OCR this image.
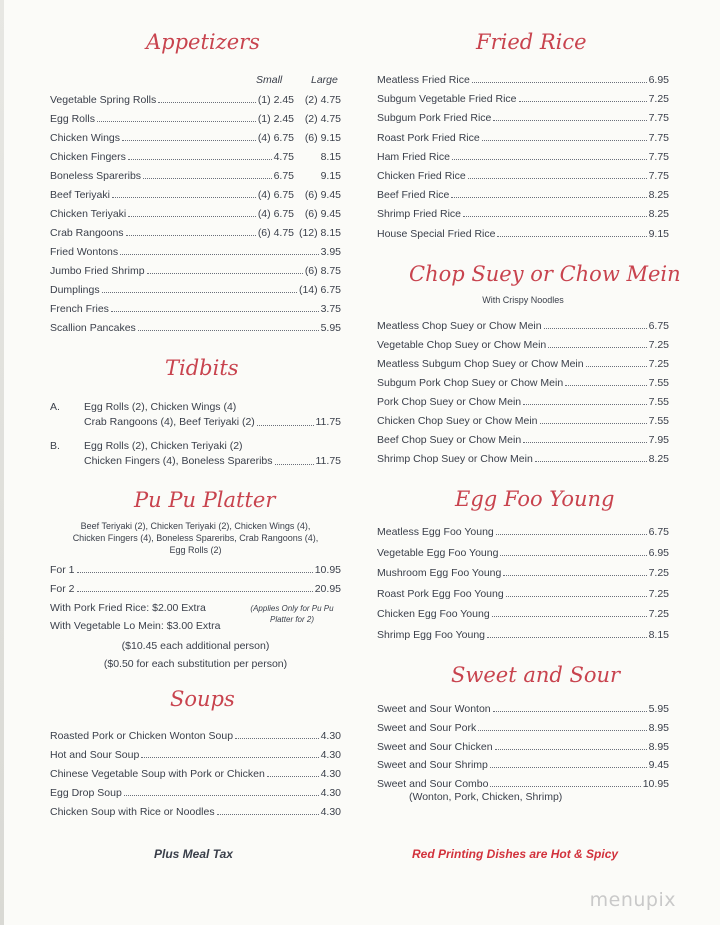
Appetizers
Small	Large
Vegetable Spring Rolls	(1) 2.45 (2) 4.75
Egg Rolls	(1) 2.45 (2) 4.75
Chicken Wings	(4) 6.75 (6) 9.15
Chicken Fingers	4.75	8.15
Boneless Spareribs	6.75	9.15
Beef Teriyaki	(4) 6.75 (6) 9.45
Chicken Teriyaki	(4) 6.75 (6) 9.45
Crab Rangoons	(6) 4.75 (12) 8.15
Fried Wontons	3.95
Jumbo Fried Shrimp	(6) 8.75
Dumplings	(14) 6.75
French Fries	3.75
Scallion Pancakes	5.95
Tidbits
A. Egg Rolls (2), Chicken Wings (4)
Crab Rangoons (4), Beef Teriyaki (2)	11.75
B. Egg Rolls (2), Chicken Teriyaki (2)
Chicken Fingers (4), Boneless Spareribs	11.75
Pu Pu Platter
Beef Teriyaki (2), Chicken Teriyaki (2), Chicken Wings (4),
Chicken Fingers (4), Boneless Spareribs, Crab Rangoons (4),
Egg Rolls (2)
For 1	10.95
For 2	20.95
With Pork Fried Rice: $2.00 Extra
With Vegetable Lo Mein: $3.00 Extra
(Applies Only for Pu Pu
Platter for 2)
($10.45 each additional person)
($0.50 for each substitution per person)
Soups
Roasted Pork or Chicken Wonton Soup	4.30
Hot and Sour Soup	4.30
Chinese Vegetable Soup with Pork or Chicken	4.30
Egg Drop Soup	4.30
Chicken Soup with Rice or Noodles	4.30
Plus Meal Tax
Fried Rice
Meatless Fried Rice	6.95
Subgum Vegetable Fried Rice	7.25
Subgum Pork Fried Rice	7.75
Roast Pork Fried Rice	7.75
Ham Fried Rice	7.75
Chicken Fried Rice	7.75
Beef Fried Rice	8.25
Shrimp Fried Rice	8.25
House Special Fried Rice	9.15
Chop Suey or Chow Mein
With Crispy Noodles
Meatless Chop Suey or Chow Mein	6.75
Vegetable Chop Suey or Chow Mein	7.25
Meatless Subgum Chop Suey or Chow Mein	7.25
Subgum Pork Chop Suey or Chow Mein	7.55
Pork Chop Suey or Chow Mein	7.55
Chicken Chop Suey or Chow Mein	7.55
Beef Chop Suey or Chow Mein	7.95
Shrimp Chop Suey or Chow Mein	8.25
Egg Foo Young
Meatless Egg Foo Young	6.75
Vegetable Egg Foo Young	6.95
Mushroom Egg Foo Young	7.25
Roast Pork Egg Foo Young	7.25
Chicken Egg Foo Young	7.25
Shrimp Egg Foo Young	8.15
Sweet and Sour
Sweet and Sour Wonton	5.95
Sweet and Sour Pork	8.95
Sweet and Sour Chicken	8.95
Sweet and Sour Shrimp	9.45
Sweet and Sour Combo	10.95
(Wonton, Pork, Chicken, Shrimp)
Red Printing Dishes are Hot & Spicy
menupix
